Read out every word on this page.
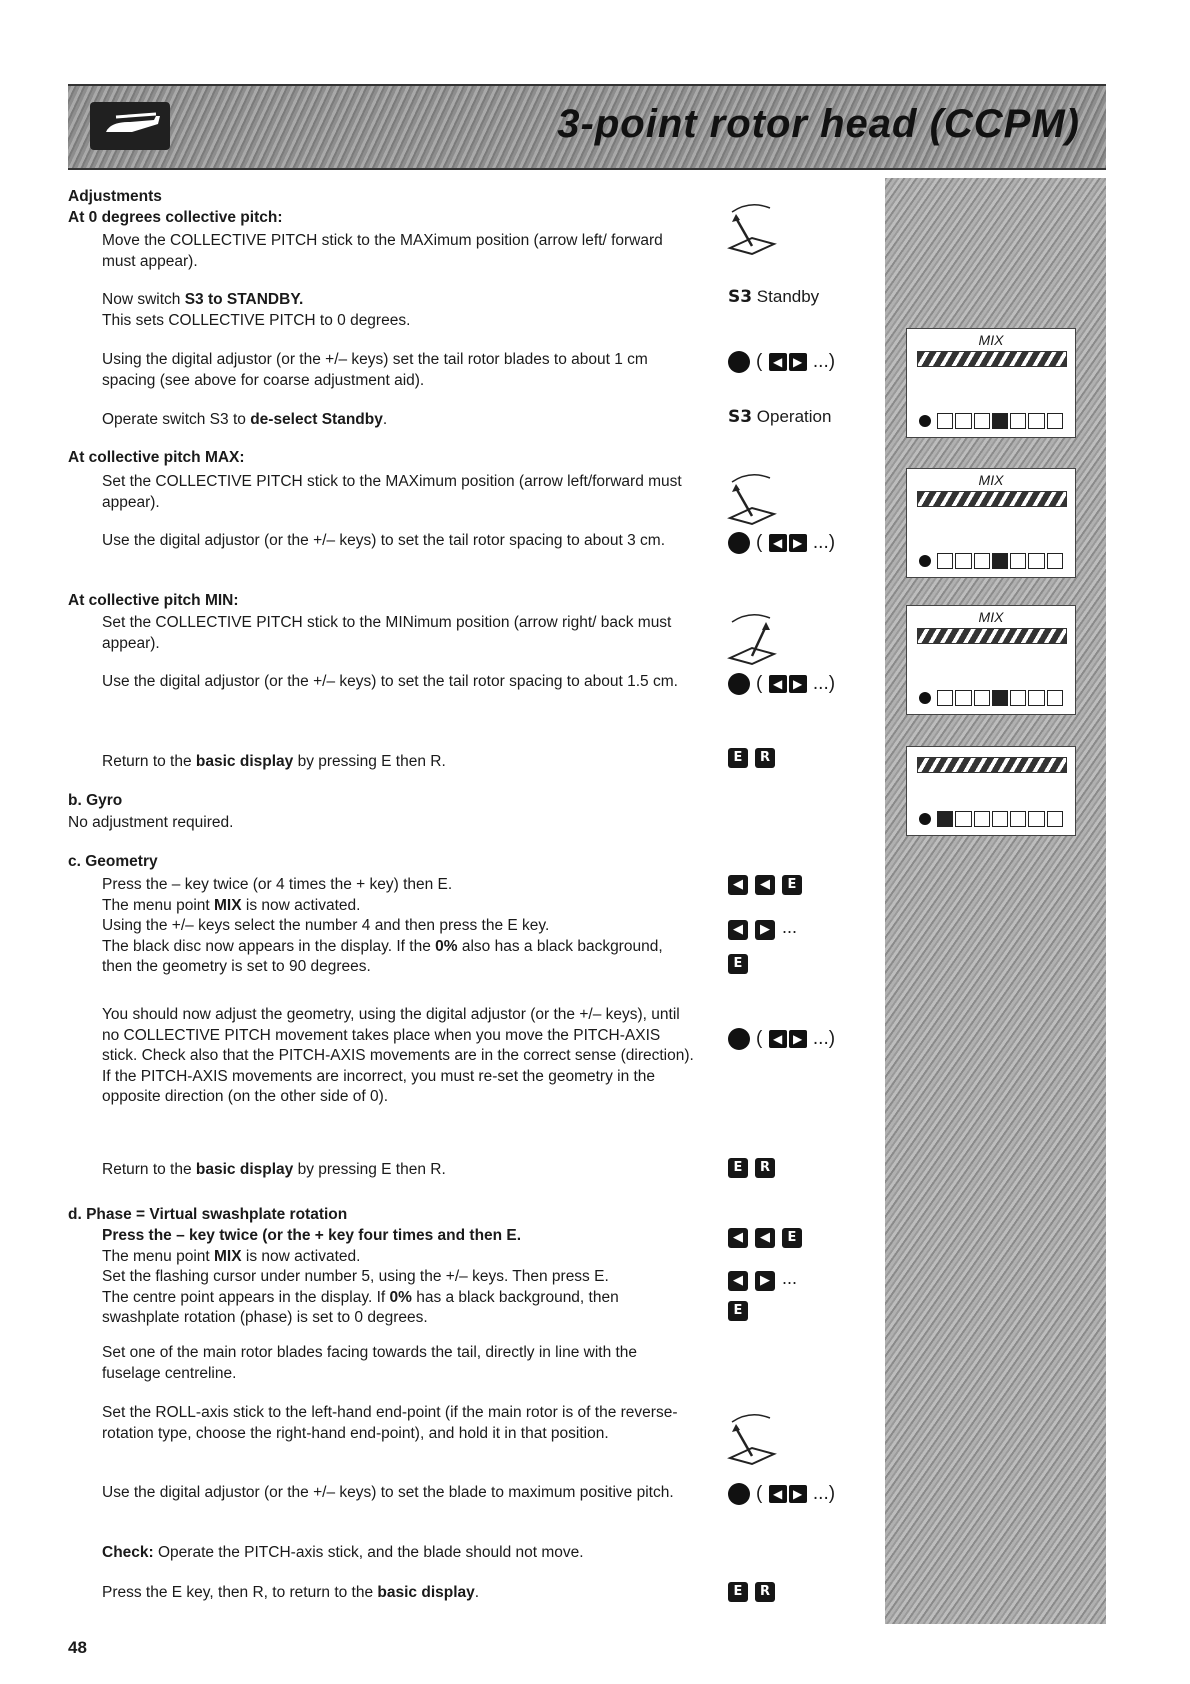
3-point rotor head (CCPM)

Adjustments

At 0 degrees collective pitch:

Move the COLLECTIVE PITCH stick to the MAXimum position (arrow left/ forward must appear).

Now switch S3 to STANDBY.
This sets COLLECTIVE PITCH to 0 degrees.

Using the digital adjustor (or the +/– keys) set the tail rotor blades to about 1 cm spacing (see above for coarse adjustment aid).

Operate switch S3 to de-select Standby.

At collective pitch MAX:

Set the COLLECTIVE PITCH stick to the MAXimum position (arrow left/forward must appear).

Use the digital adjustor (or the +/– keys) to set the tail rotor spacing to about 3 cm.

At collective pitch MIN:

Set the COLLECTIVE PITCH stick to the MINimum position (arrow right/ back must appear).

Use the digital adjustor (or the +/– keys) to set the tail rotor spacing to about 1.5 cm.

Return to the basic display by pressing E then R.

b. Gyro

No adjustment required.

c. Geometry

Press the – key twice (or 4 times the + key) then E.
The menu point MIX is now activated.
Using the +/– keys select the number 4 and then press the E key.
The black disc now appears in the display. If the 0% also has a black background, then the geometry is set to 90 degrees.

You should now adjust the geometry, using the digital adjustor (or the +/– keys), until no COLLECTIVE PITCH movement takes place when you move the PITCH-AXIS stick. Check also that the PITCH-AXIS movements are in the correct sense (direction). If the PITCH-AXIS movements are incorrect, you must re-set the geometry in the opposite direction (on the other side of 0).

Return to the basic display by pressing E then R.

d. Phase = Virtual swashplate rotation

Press the – key twice (or the + key four times and then E.
The menu point MIX is now activated.
Set the flashing cursor under number 5, using the +/– keys. Then press E.
The centre point appears in the display. If 0% has a black background, then swashplate rotation (phase) is set to 0 degrees.

Set one of the main rotor blades facing towards the tail, directly in line with the fuselage centreline.

Set the ROLL-axis stick to the left-hand end-point (if the main rotor is of the reverse-rotation type, choose the right-hand end-point), and hold it in that position.

Use the digital adjustor (or the +/– keys) to set the blade to maximum positive pitch.

Check: Operate the PITCH-axis stick, and the blade should not move.

Press the E key, then R, to return to the basic display.

S3 Standby
S3 Operation
( ◀ ▶ ...)
( ◀ ▶ ...)
( ◀ ▶ ...)
( ◀ ▶ ...)
( ◀ ▶ ...)
E R
◀ ◀ E
◀ ▶ ...
E
E R
◀ ◀ E
◀ ▶ ...
E
E R
MIX
MIX
MIX
48
